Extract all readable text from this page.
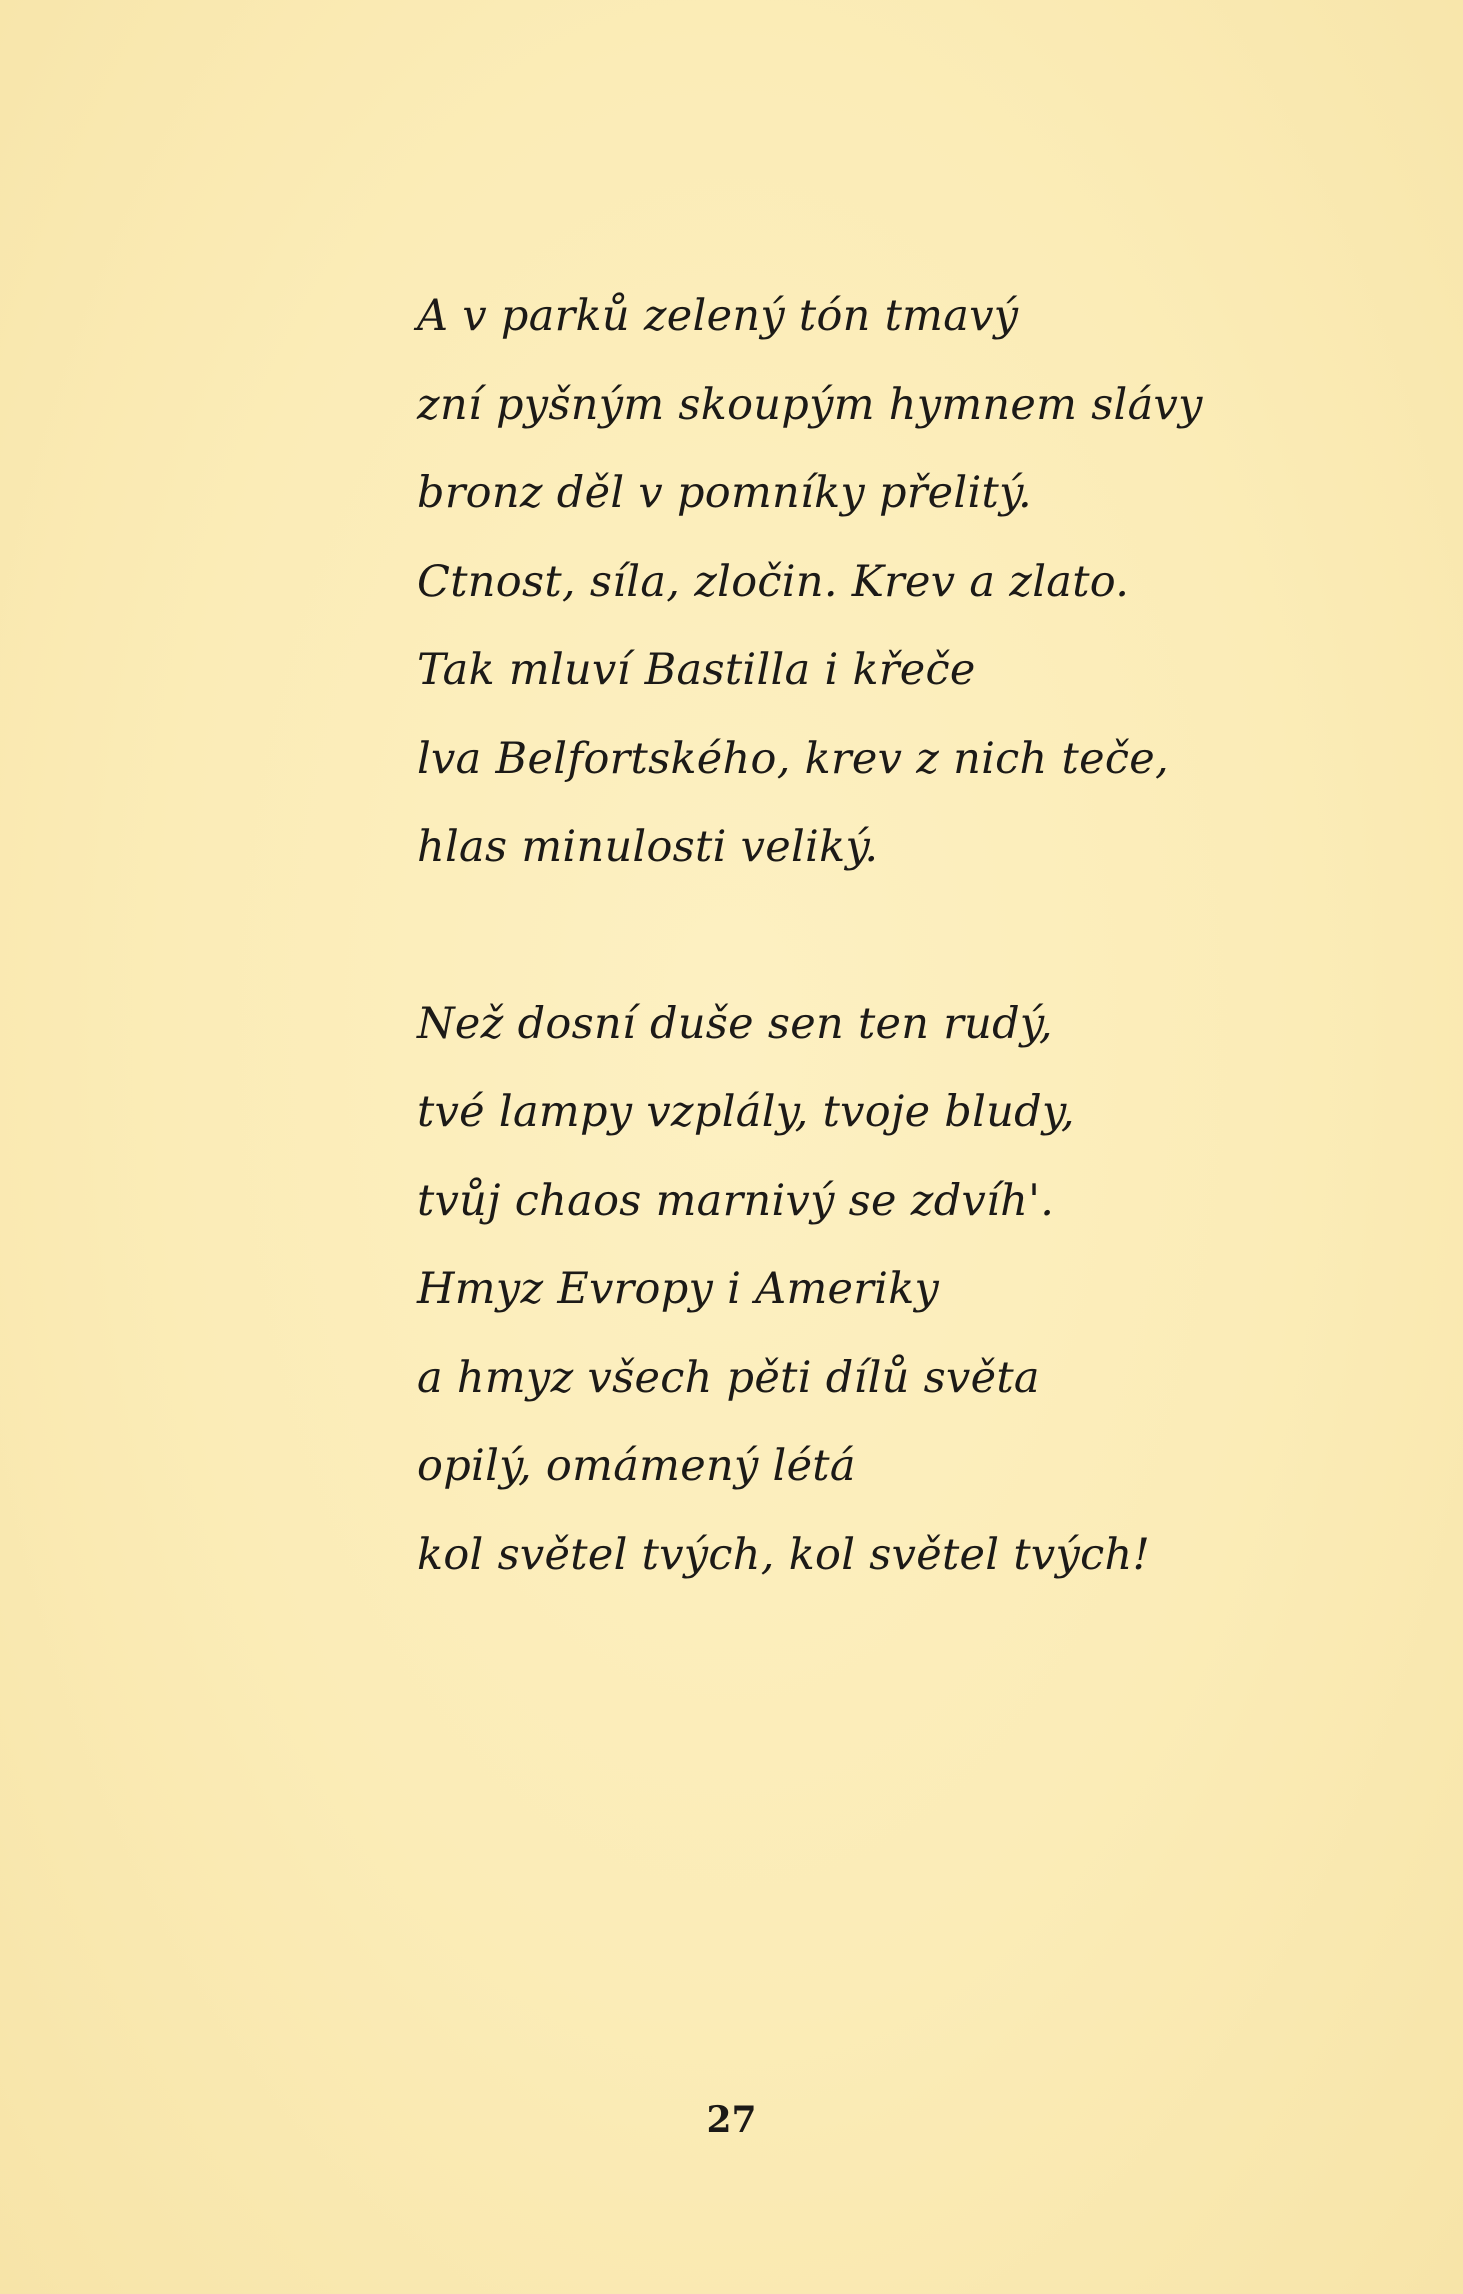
A v parků zelený tón tmavý
zní pyšným skoupým hymnem slávy
bronz děl v pomníky přelitý.
Ctnost, síla, zločin. Krev a zlato.
Tak mluví Bastilla i křeče
lva Belfortského, krev z nich teče,
hlas minulosti veliký.
Než dosní duše sen ten rudý,
tvé lampy vzplály, tvoje bludy,
tvůj chaos marnivý se zdvíh'.
Hmyz Evropy i Ameriky
a hmyz všech pěti dílů světa
opilý, omámený létá
kol světel tvých, kol světel tvých!
27
